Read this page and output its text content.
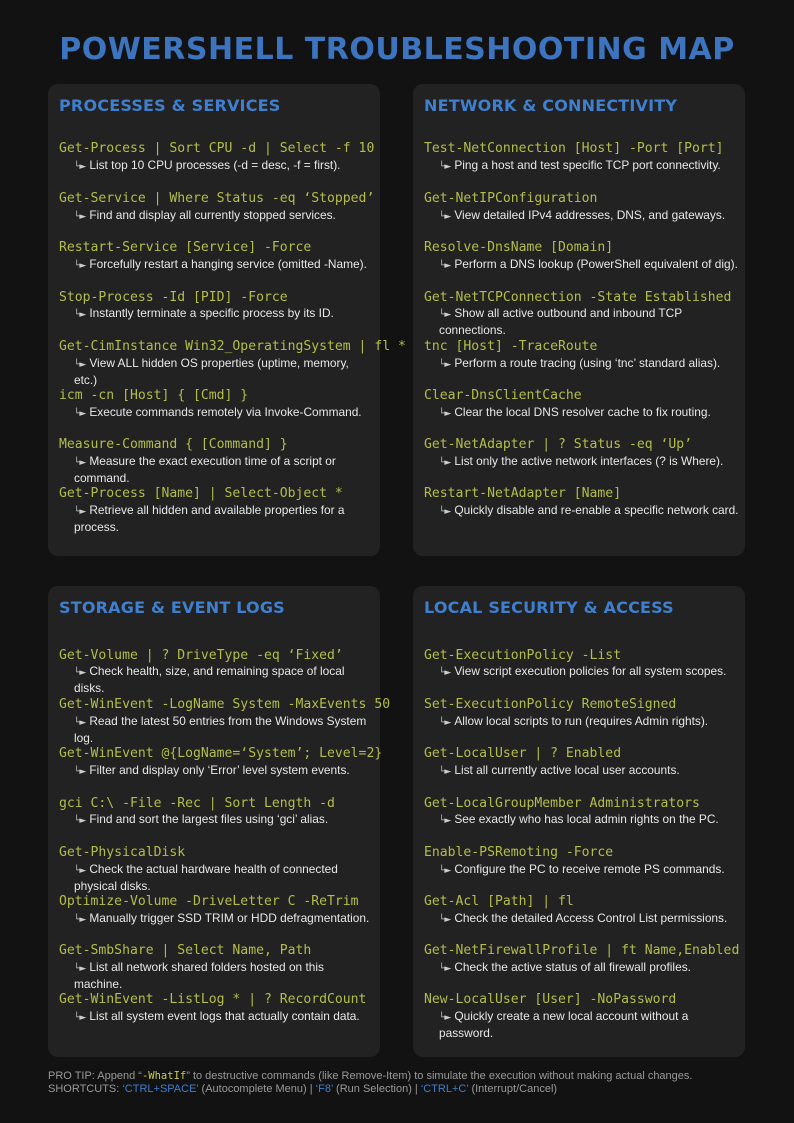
POWERSHELL TROUBLESHOOTING MAP
PROCESSES & SERVICES
Get-Process | Sort CPU -d | Select -f 10
└► List top 10 CPU processes (-d = desc, -f = first).
Get-Service | Where Status -eq ‘Stopped’
└► Find and display all currently stopped services.
Restart-Service [Service] -Force
└► Forcefully restart a hanging service (omitted -Name).
Stop-Process -Id [PID] -Force
└► Instantly terminate a specific process by its ID.
Get-CimInstance Win32_OperatingSystem | fl *
└► View ALL hidden OS properties (uptime, memory, etc.)
icm -cn [Host] { [Cmd] }
└► Execute commands remotely via Invoke-Command.
Measure-Command { [Command] }
└► Measure the exact execution time of a script or command.
Get-Process [Name] | Select-Object *
└► Retrieve all hidden and available properties for a process.
NETWORK & CONNECTIVITY
Test-NetConnection [Host] -Port [Port]
└► Ping a host and test specific TCP port connectivity.
Get-NetIPConfiguration
└► View detailed IPv4 addresses, DNS, and gateways.
Resolve-DnsName [Domain]
└► Perform a DNS lookup (PowerShell equivalent of dig).
Get-NetTCPConnection -State Established
└► Show all active outbound and inbound TCP connections.
tnc [Host] -TraceRoute
└► Perform a route tracing (using ‘tnc’ standard alias).
Clear-DnsClientCache
└► Clear the local DNS resolver cache to fix routing.
Get-NetAdapter | ? Status -eq ‘Up’
└► List only the active network interfaces (? is Where).
Restart-NetAdapter [Name]
└► Quickly disable and re-enable a specific network card.
STORAGE & EVENT LOGS
Get-Volume | ? DriveType -eq ‘Fixed’
└► Check health, size, and remaining space of local disks.
Get-WinEvent -LogName System -MaxEvents 50
└► Read the latest 50 entries from the Windows System log.
Get-WinEvent @{LogName=‘System’; Level=2}
└► Filter and display only ‘Error’ level system events.
gci C:\ -File -Rec | Sort Length -d
└► Find and sort the largest files using ‘gci’ alias.
Get-PhysicalDisk
└► Check the actual hardware health of connected physical disks.
Optimize-Volume -DriveLetter C -ReTrim
└► Manually trigger SSD TRIM or HDD defragmentation.
Get-SmbShare | Select Name, Path
└► List all network shared folders hosted on this machine.
Get-WinEvent -ListLog * | ? RecordCount
└► List all system event logs that actually contain data.
LOCAL SECURITY & ACCESS
Get-ExecutionPolicy -List
└► View script execution policies for all system scopes.
Set-ExecutionPolicy RemoteSigned
└► Allow local scripts to run (requires Admin rights).
Get-LocalUser | ? Enabled
└► List all currently active local user accounts.
Get-LocalGroupMember Administrators
└► See exactly who has local admin rights on the PC.
Enable-PSRemoting -Force
└► Configure the PC to receive remote PS commands.
Get-Acl [Path] | fl
└► Check the detailed Access Control List permissions.
Get-NetFirewallProfile | ft Name,Enabled
└► Check the active status of all firewall profiles.
New-LocalUser [User] -NoPassword
└► Quickly create a new local account without a password.
PRO TIP: Append “-WhatIf” to destructive commands (like Remove-Item) to simulate the execution without making actual changes.
SHORTCUTS: ‘CTRL+SPACE’ (Autocomplete Menu) | ‘F8’ (Run Selection) | ‘CTRL+C’ (Interrupt/Cancel)
